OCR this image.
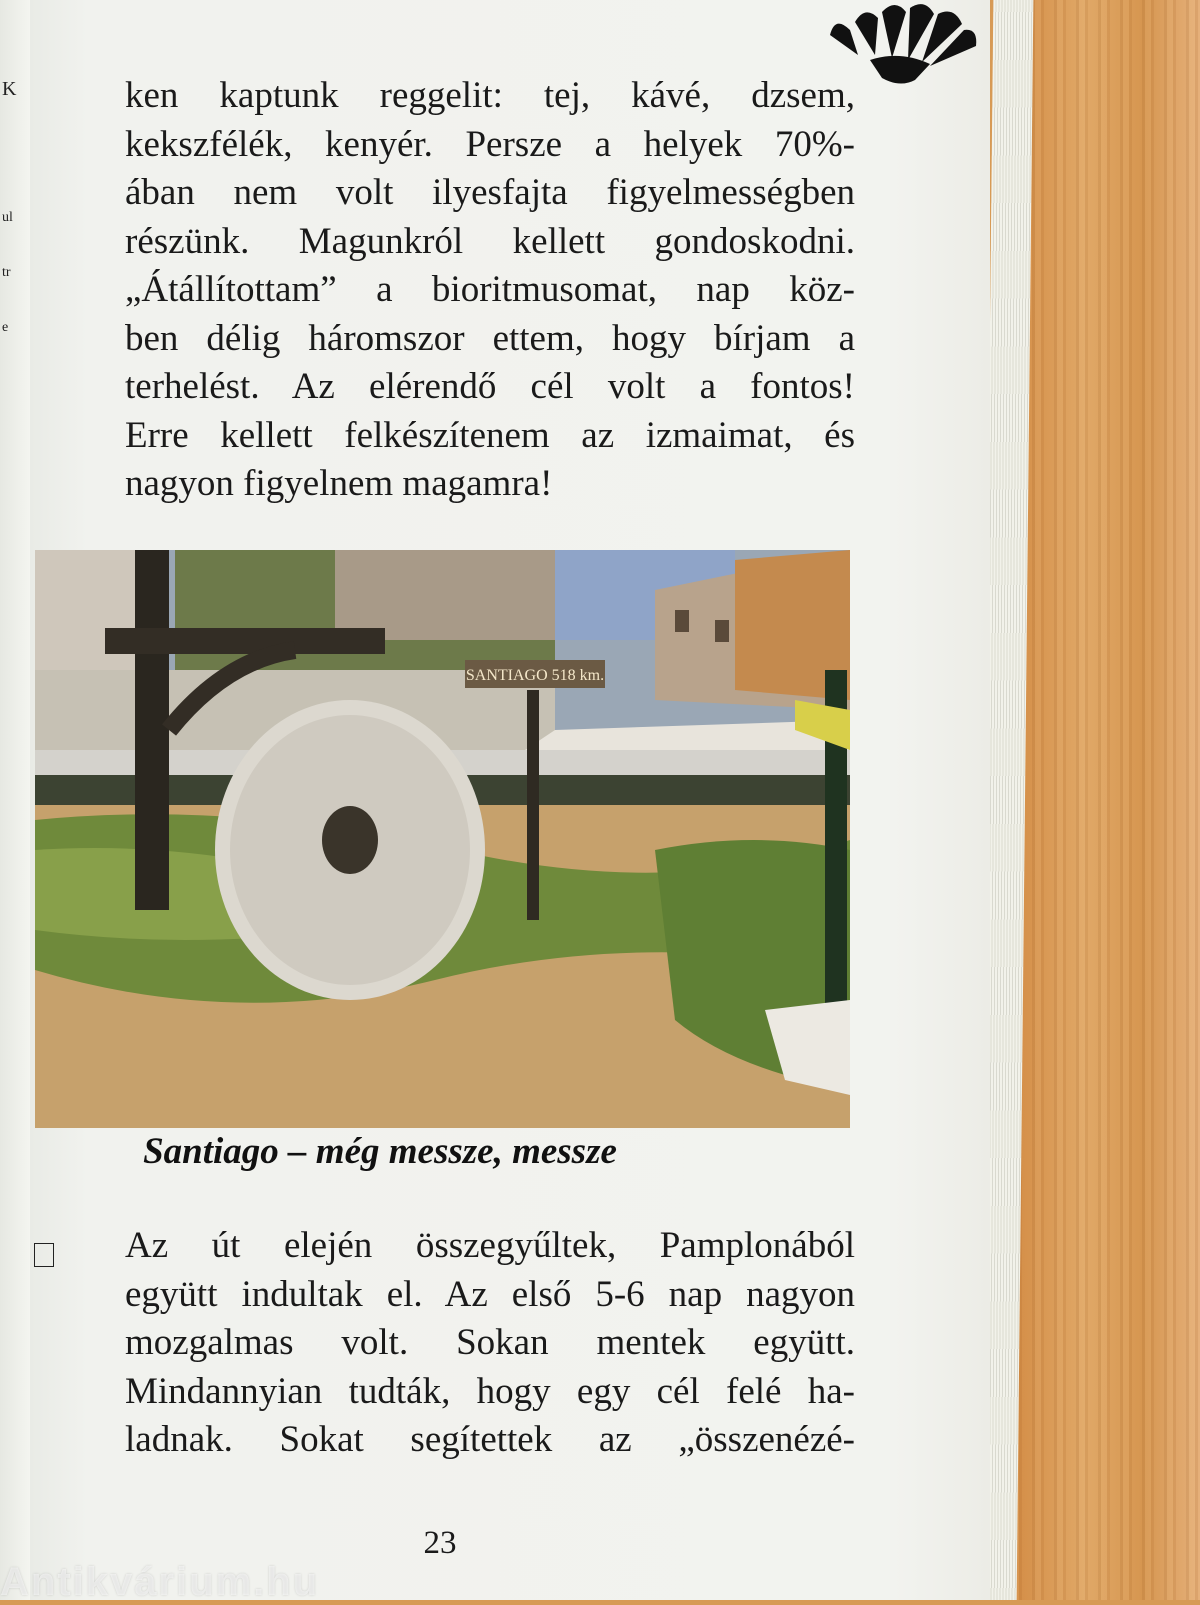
K
ul
tr
e
ken kaptunk reggelit: tej, kávé, dzsem,
kekszfélék, kenyér. Persze a helyek 70%-
ában nem volt ilyesfajta figyelmességben
részünk. Magunkról kellett gondoskodni.
„Átállítottam” a bioritmusomat, nap köz-
ben délig háromszor ettem, hogy bírjam a
terhelést. Az elérendő cél volt a fontos!
Erre kellett felkészítenem az izmaimat, és
nagyon figyelnem magamra!
SANTIAGO 518 km.
Santiago – még messze, messze
Az út elején összegyűltek, Pamplonából
együtt indultak el. Az első 5-6 nap nagyon
mozgalmas volt. Sokan mentek együtt.
Mindannyian tudták, hogy egy cél felé ha-
ladnak. Sokat segítettek az „összenézé-
23
Antikvárium.hu
